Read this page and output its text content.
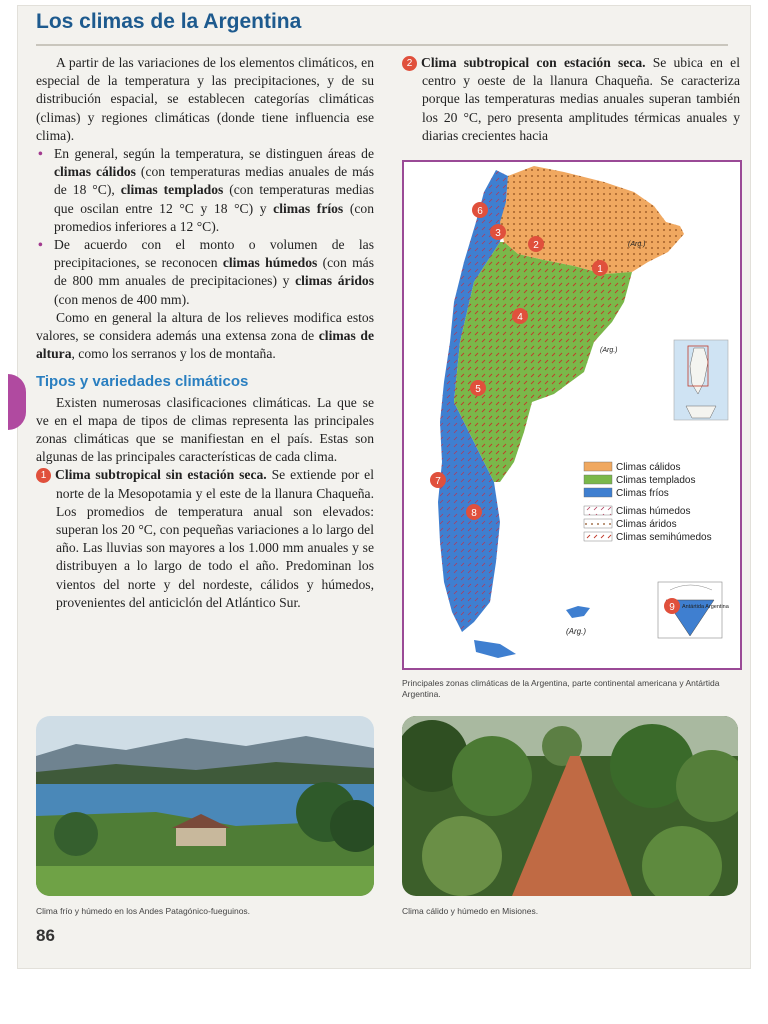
Los climas de la Argentina

A partir de las variaciones de los elementos climáticos, en especial de la temperatura y las precipitaciones, y de su distribución espacial, se establecen categorías climáticas (climas) y regiones climáticas (donde tiene influencia ese clima).

• En general, según la temperatura, se distinguen áreas de climas cálidos (con temperaturas medias anuales de más de 18 °C), climas templados (con temperaturas medias que oscilan entre 12 °C y 18 °C) y climas fríos (con promedios inferiores a 12 °C).

• De acuerdo con el monto o volumen de las precipitaciones, se reconocen climas húmedos (con más de 800 mm anuales de precipitaciones) y climas áridos (con menos de 400 mm).

Como en general la altura de los relieves modifica estos valores, se considera además una extensa zona de climas de altura, como los serranos y los de montaña.

Tipos y variedades climáticos

Existen numerosas clasificaciones climáticas. La que se ve en el mapa de tipos de climas representa las principales zonas climáticas que se manifiestan en el país. Estas son algunas de las principales características de cada clima.

1 Clima subtropical sin estación seca. Se extiende por el norte de la Mesopotamia y el este de la llanura Chaqueña. Los promedios de temperatura anual son elevados: superan los 20 °C, con pequeñas variaciones a lo largo del año. Las lluvias son mayores a los 1.000 mm anuales y se distribuyen a lo largo de todo el año. Predominan los vientos del norte y del nordeste, cálidos y húmedos, provenientes del anticiclón del Atlántico Sur.

2 Clima subtropical con estación seca. Se ubica en el centro y oeste de la llanura Chaqueña. Se caracteriza porque las temperaturas medias anuales superan también los 20 °C, pero presenta amplitudes térmicas anuales y diarias crecientes hacia

1
2
3
4
5
6
7
8
(Arg.)
(Arg.)
(Arg.)
Climas cálidos
Climas templados
Climas fríos
Climas húmedos
Climas áridos
Climas semihúmedos
9 Antártida Argentina
Principales zonas climáticas de la Argentina, parte continental americana y Antártida Argentina.
Clima frío y húmedo en los Andes Patagónico-fueguinos.	Clima cálido y húmedo en Misiones.
86
